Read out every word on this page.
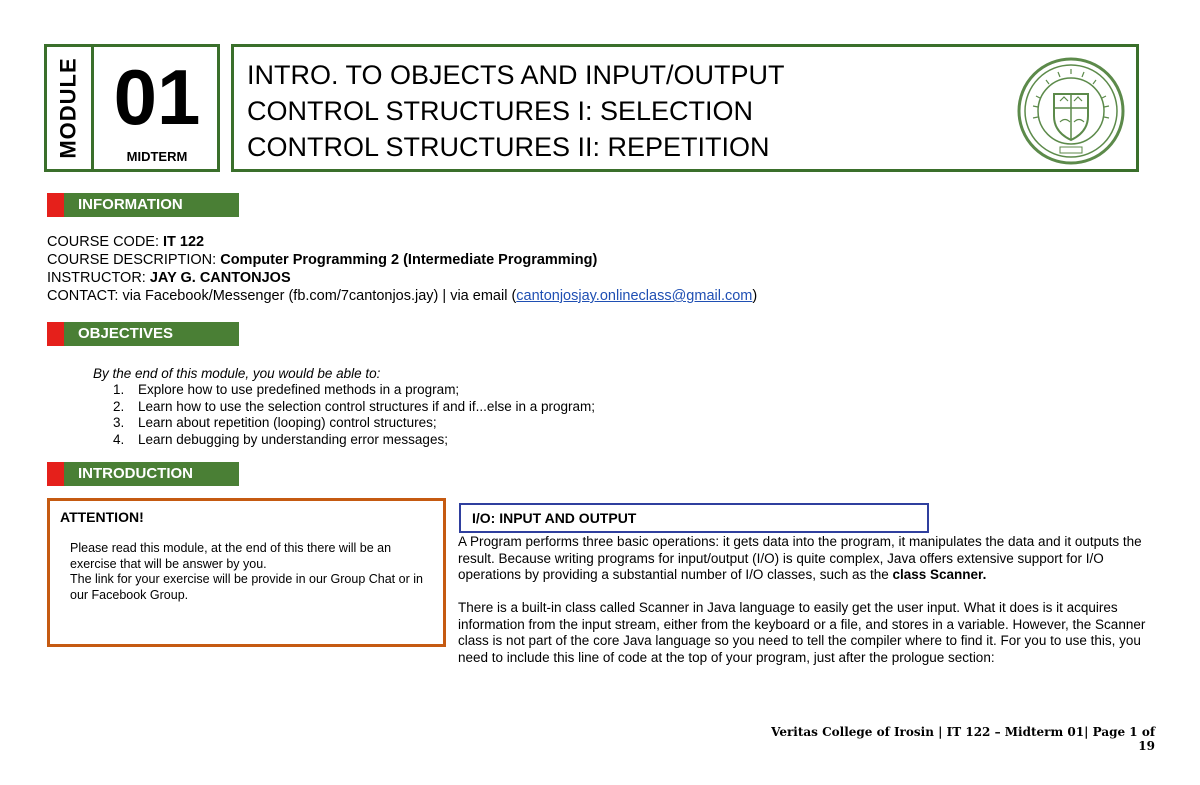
MODULE 01
MIDTERM
INTRO. TO OBJECTS AND INPUT/OUTPUT
CONTROL STRUCTURES I: SELECTION
CONTROL STRUCTURES II: REPETITION
INFORMATION
COURSE CODE: IT 122
COURSE DESCRIPTION: Computer Programming 2 (Intermediate Programming)
INSTRUCTOR: JAY G. CANTONJOS
CONTACT: via Facebook/Messenger (fb.com/7cantonjos.jay) | via email (cantonjosjay.onlineclass@gmail.com)
OBJECTIVES
By the end of this module, you would be able to:
1.	Explore how to use predefined methods in a program;
2.	Learn how to use the selection control structures if and if...else in a program;
3.	Learn about repetition (looping) control structures;
4.	Learn debugging by understanding error messages;
INTRODUCTION
ATTENTION!
Please read this module, at the end of this there will be an exercise that will be answer by you.
The link for your exercise will be provide in our Group Chat or in our Facebook Group.
I/O: INPUT AND OUTPUT
A Program performs three basic operations: it gets data into the program, it manipulates the data and it outputs the result. Because writing programs for input/output (I/O) is quite complex, Java offers extensive support for I/O operations by providing a substantial number of I/O classes, such as the class Scanner.
There is a built-in class called Scanner in Java language to easily get the user input. What it does is it acquires information from the input stream, either from the keyboard or a file, and stores in a variable. However, the Scanner class is not part of the core Java language so you need to tell the compiler where to find it. For you to use this, you need to include this line of code at the top of your program, just after the prologue section:
Veritas College of Irosin | IT 122 – Midterm 01| Page 1 of 19
